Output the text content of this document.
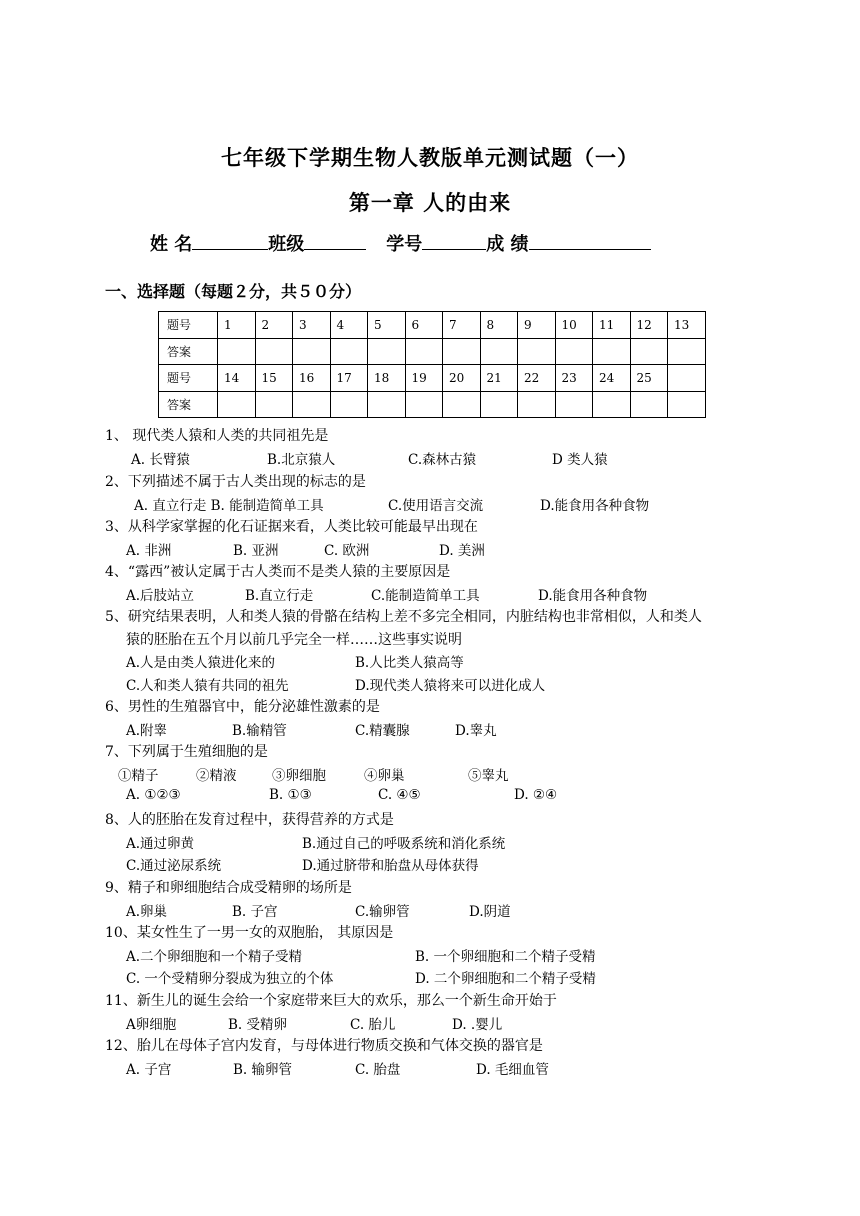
七年级下学期生物人教版单元测试题（一）
第一章 人的由来
姓 名	班级	学号	成 绩
一、选择题（每题２分，共５０分）
题号	1	2	3	4	5	6	7	8	9	10	11	12	13
答案													
题号	14	15	16	17	18	19	20	21	22	23	24	25	
答案													
1、 现代类人猿和人类的共同祖先是
A. 长臂猿	B.北京猿人	C.森林古猿	D 类人猿
2、下列描述不属于古人类出现的标志的是
A. 直立行走 B. 能制造简单工具	C.使用语言交流	D.能食用各种食物
3、从科学家掌握的化石证据来看，人类比较可能最早出现在
A. 非洲	B. 亚洲	C. 欧洲	D. 美洲
4、“露西”被认定属于古人类而不是类人猿的主要原因是
A.后肢站立	B.直立行走	C.能制造简单工具	D.能食用各种食物
5、研究结果表明，人和类人猿的骨骼在结构上差不多完全相同，内脏结构也非常相似，人和类人
猿的胚胎在五个月以前几乎完全一样……这些事实说明
A.人是由类人猿进化来的	B.人比类人猿高等
C.人和类人猿有共同的祖先	D.现代类人猿将来可以进化成人
6、男性的生殖器官中，能分泌雄性激素的是
A.附睾	B.输精管	C.精囊腺	D.睾丸
7、下列属于生殖细胞的是
①精子	②精液	③卵细胞	④卵巢	⑤睾丸
A. ①②③	B. ①③	C. ④⑤	D. ②④
8、人的胚胎在发育过程中，获得营养的方式是
A.通过卵黄	B.通过自己的呼吸系统和消化系统
C.通过泌尿系统	D.通过脐带和胎盘从母体获得
9、精子和卵细胞结合成受精卵的场所是
A.卵巢	B. 子宫	C.输卵管	D.阴道
10、某女性生了一男一女的双胞胎， 其原因是
A.二个卵细胞和一个精子受精	B. 一个卵细胞和二个精子受精
C. 一个受精卵分裂成为独立的个体	D. 二个卵细胞和二个精子受精
11、新生儿的诞生会给一个家庭带来巨大的欢乐，那么一个新生命开始于
A卵细胞	B. 受精卵	C. 胎儿	D. .婴儿
12、胎儿在母体子宫内发育，与母体进行物质交换和气体交换的器官是
A. 子宫	B. 输卵管	C. 胎盘	D. 毛细血管
